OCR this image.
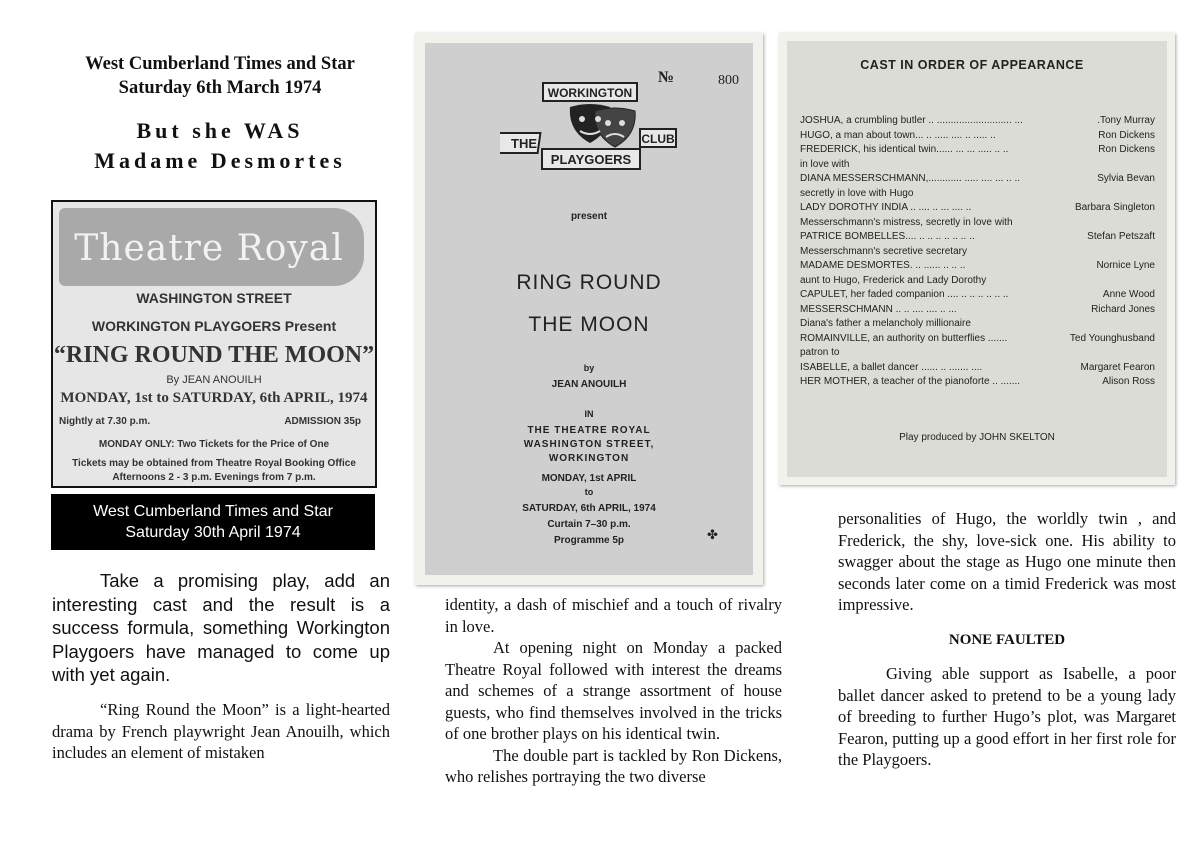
West Cumberland Times and Star
Saturday 6th March 1974
But she WAS
Madame Desmortes
Theatre Royal
WASHINGTON STREET
WORKINGTON PLAYGOERS Present
“RING ROUND THE MOON”
By JEAN ANOUILH
MONDAY, 1st to SATURDAY, 6th APRIL, 1974
Nightly at 7.30 p.m.	ADMISSION 35p
MONDAY ONLY: Two Tickets for the Price of One
Tickets may be obtained from Theatre Royal Booking Office
Afternoons 2 - 3 p.m. Evenings from 7 p.m.
West Cumberland Times and Star
Saturday 30th April 1974
Take a promising play, add an interesting cast and the result is a success formula, something Workington Playgoers have managed to come up with yet again.
“Ring Round the Moon” is a light-hearted drama by French playwright Jean Anouilh, which includes an element of mistaken
№	800
WORKINGTON
THE	CLUB
PLAYGOERS
present
RING ROUND
THE MOON
by
JEAN ANOUILH
IN
THE THEATRE ROYAL
WASHINGTON STREET,
WORKINGTON
MONDAY, 1st APRIL
to
SATURDAY, 6th APRIL, 1974
Curtain 7–30 p.m.
Programme 5p	✤
CAST IN ORDER OF APPEARANCE
JOSHUA, a crumbling butler .. ........................... ...	.Tony Murray
HUGO, a man about town... .. ..... .... .. ..... ..	Ron Dickens
FREDERICK, his identical twin...... ... ... ..... .. ..	Ron Dickens
in love with
DIANA MESSERSCHMANN,............ ..... .... ... .. ..	Sylvia Bevan
secretly in love with Hugo
LADY DOROTHY INDIA .. .... .. ... .... ..	Barbara Singleton
Messerschmann's mistress, secretly in love with
PATRICE BOMBELLES.... .. .. .. .. .. .. ..	Stefan Petszaft
Messerschmann's secretive secretary
MADAME DESMORTES. .. ...... .. .. ..	Nornice Lyne
aunt to Hugo, Frederick and Lady Dorothy
CAPULET, her faded companion .... .. .. .. .. .. ..	Anne Wood
MESSERSCHMANN .. .. .... .... .. ...	Richard Jones
Diana's father a melancholy millionaire
ROMAINVILLE, an authority on butterflies .......	Ted Younghusband
patron to
ISABELLE, a ballet dancer ...... .. ....... ....	Margaret Fearon
HER MOTHER, a teacher of the pianoforte .. .......	Alison Ross
Play produced by JOHN SKELTON

identity, a dash of mischief and a touch of rivalry in love.

At opening night on Monday a packed Theatre Royal followed with interest the dreams and schemes of a strange assortment of house guests, who find themselves involved in the tricks of one brother plays on his identical twin.

The double part is tackled by Ron Dickens, who relishes portraying the two diverse

personalities of Hugo, the worldly twin , and Frederick, the shy, love-sick one. His ability to swagger about the stage as Hugo one minute then seconds later come on a timid Frederick was most impressive.

NONE FAULTED

Giving able support as Isabelle, a poor ballet dancer asked to pretend to be a young lady of breeding to further Hugo’s plot, was Margaret Fearon, putting up a good effort in her first role for the Playgoers.
